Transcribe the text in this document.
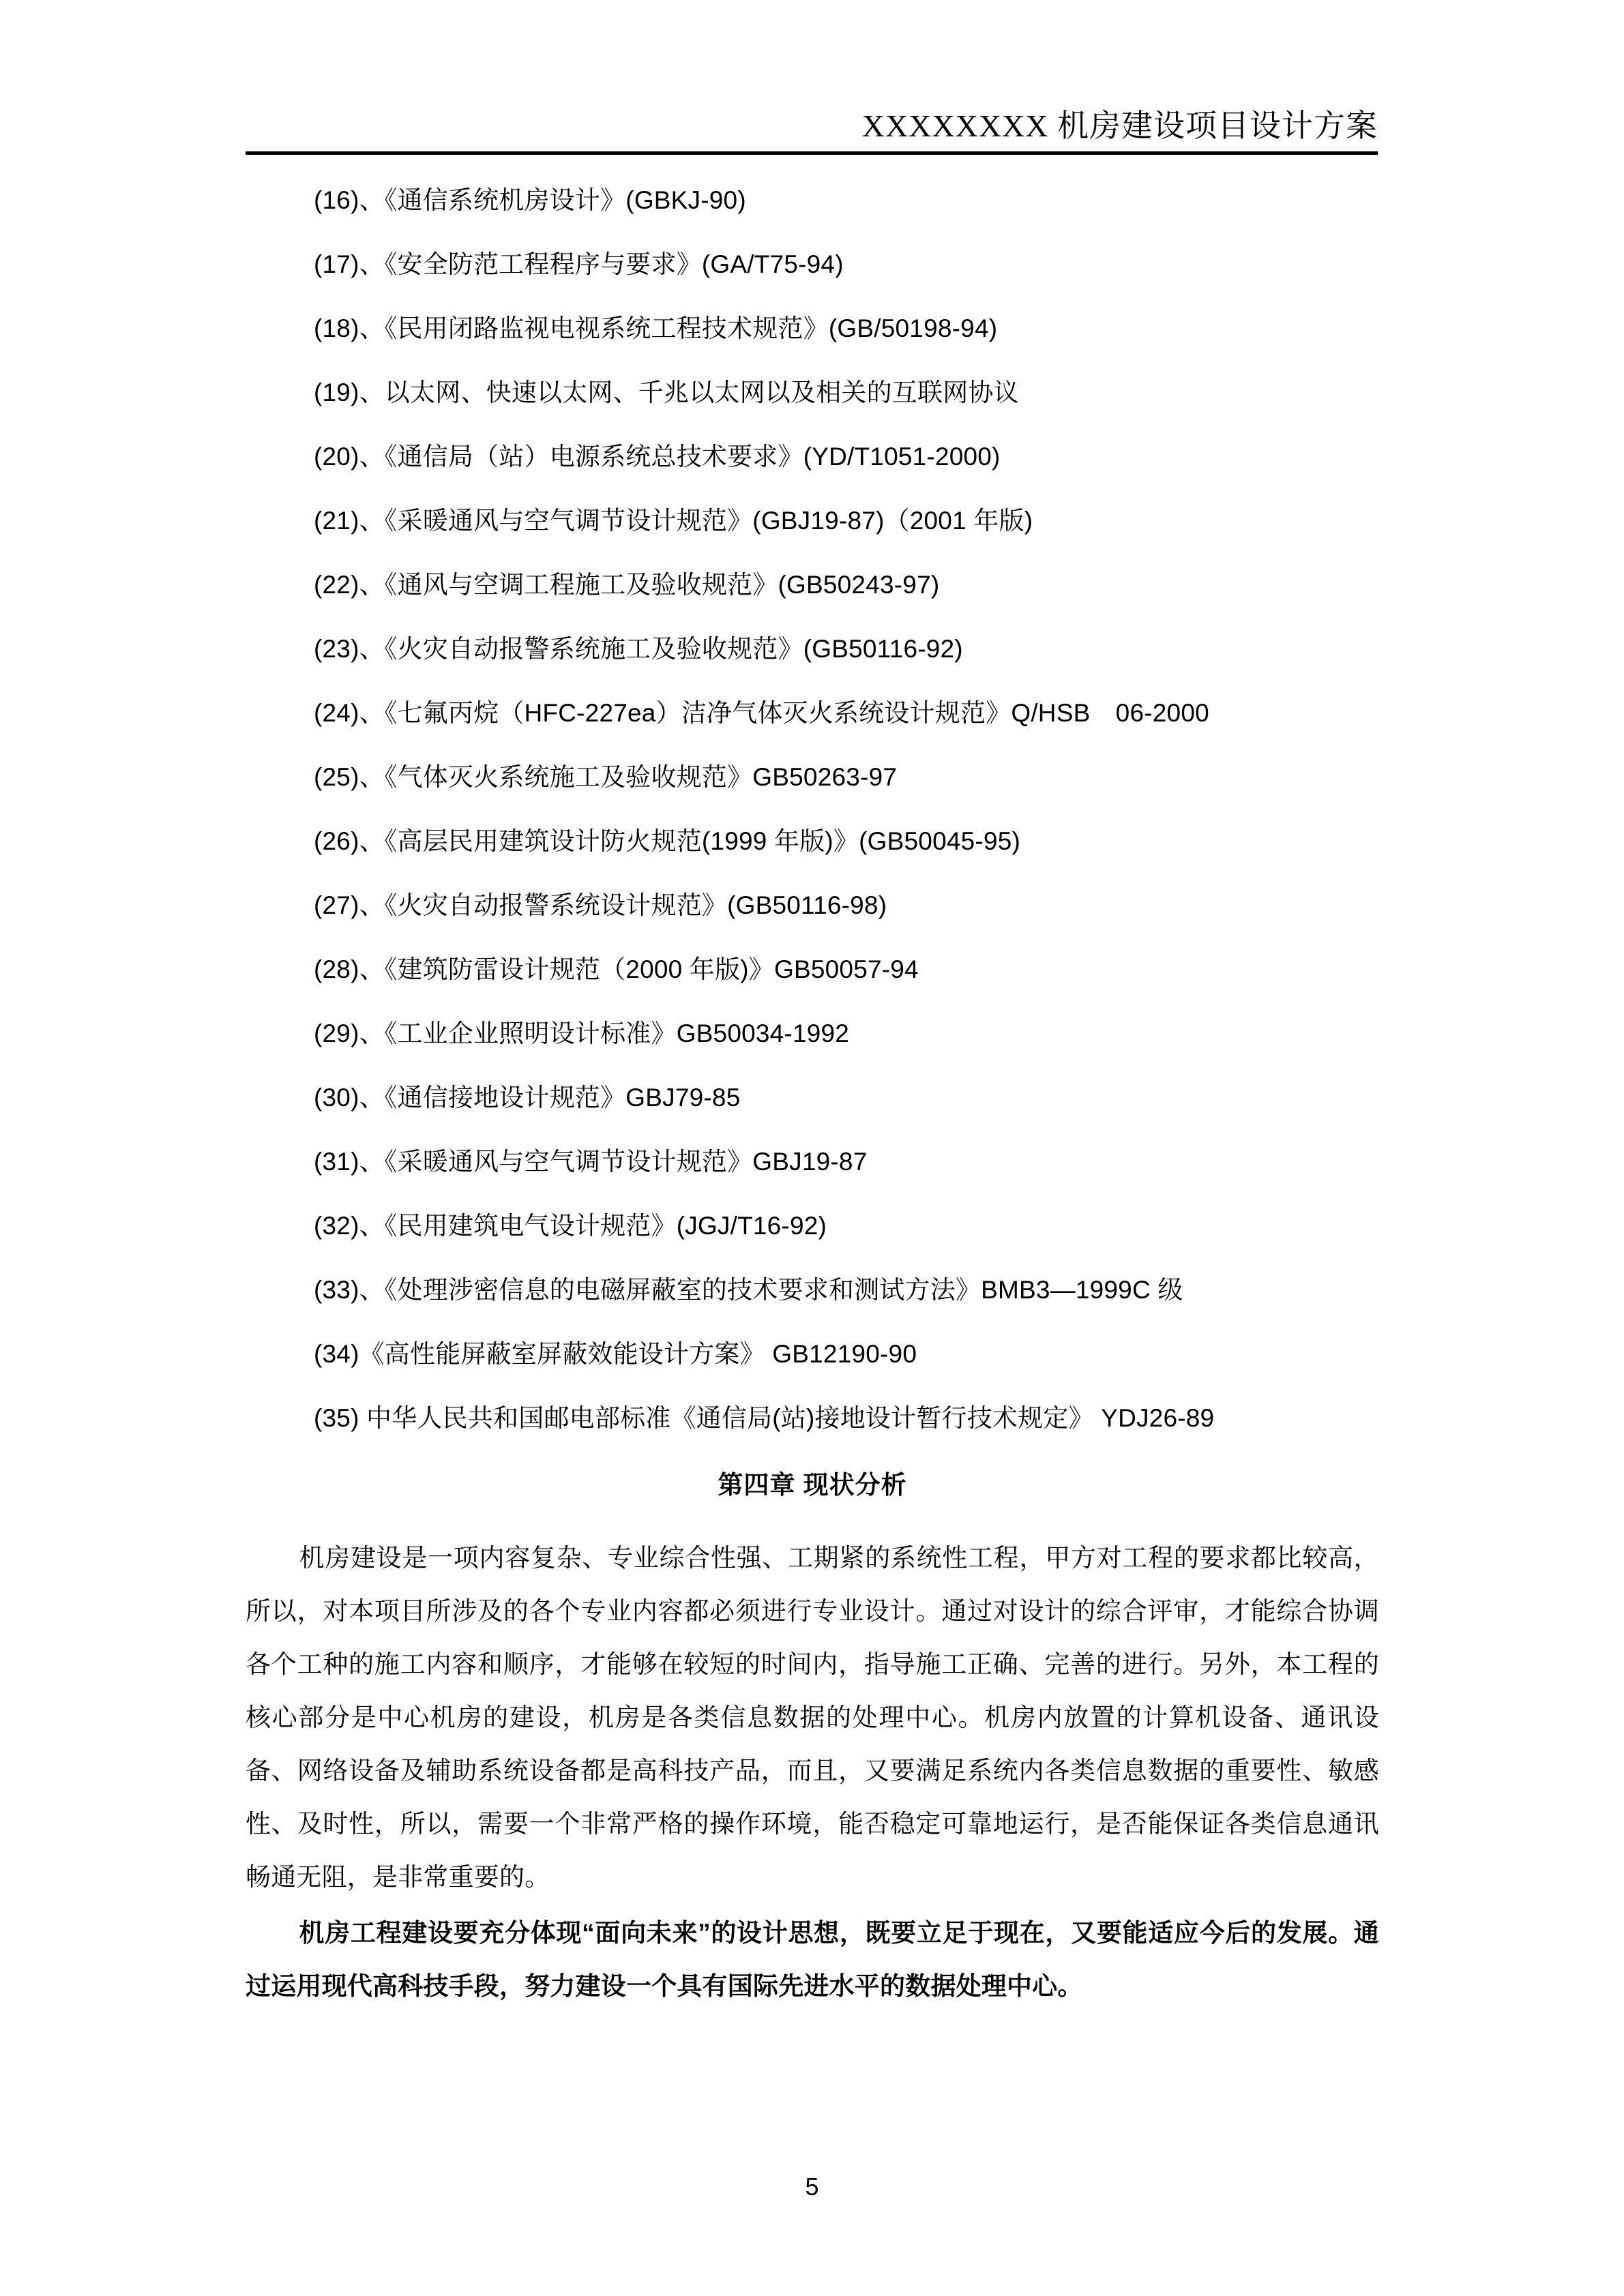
XXXXXXXX 机房建设项目设计方案
(16)、《通信系统机房设计》(GBKJ-90)
(17)、《安全防范工程程序与要求》(GA/T75-94)
(18)、《民用闭路监视电视系统工程技术规范》(GB/50198-94)
(19)、以太网、快速以太网、千兆以太网以及相关的互联网协议
(20)、《通信局（站）电源系统总技术要求》(YD/T1051-2000)
(21)、《采暖通风与空气调节设计规范》(GBJ19-87)（2001 年版)
(22)、《通风与空调工程施工及验收规范》(GB50243-97)
(23)、《火灾自动报警系统施工及验收规范》(GB50116-92)
(24)、《七氟丙烷（HFC-227ea）洁净气体灭火系统设计规范》Q/HSB　06-2000
(25)、《气体灭火系统施工及验收规范》GB50263-97
(26)、《高层民用建筑设计防火规范(1999 年版)》(GB50045-95)
(27)、《火灾自动报警系统设计规范》(GB50116-98)
(28)、《建筑防雷设计规范（2000 年版)》GB50057-94
(29)、《工业企业照明设计标准》GB50034-1992
(30)、《通信接地设计规范》GBJ79-85
(31)、《采暖通风与空气调节设计规范》GBJ19-87
(32)、《民用建筑电气设计规范》(JGJ/T16-92)
(33)、《处理涉密信息的电磁屏蔽室的技术要求和测试方法》BMB3—1999C 级
(34)《高性能屏蔽室屏蔽效能设计方案》 GB12190-90
(35) 中华人民共和国邮电部标准《通信局(站)接地设计暂行技术规定》 YDJ26-89
第四章 现状分析

机房建设是一项内容复杂、专业综合性强、工期紧的系统性工程，甲方对工程的要求都比较高，所以，对本项目所涉及的各个专业内容都必须进行专业设计。通过对设计的综合评审，才能综合协调各个工种的施工内容和顺序，才能够在较短的时间内，指导施工正确、完善的进行。另外，本工程的核心部分是中心机房的建设，机房是各类信息数据的处理中心。机房内放置的计算机设备、通讯设备、网络设备及辅助系统设备都是高科技产品，而且，又要满足系统内各类信息数据的重要性、敏感性、及时性，所以，需要一个非常严格的操作环境，能否稳定可靠地运行，是否能保证各类信息通讯畅通无阻，是非常重要的。

机房工程建设要充分体现“面向未来”的设计思想，既要立足于现在，又要能适应今后的发展。通过运用现代高科技手段，努力建设一个具有国际先进水平的数据处理中心。

5
